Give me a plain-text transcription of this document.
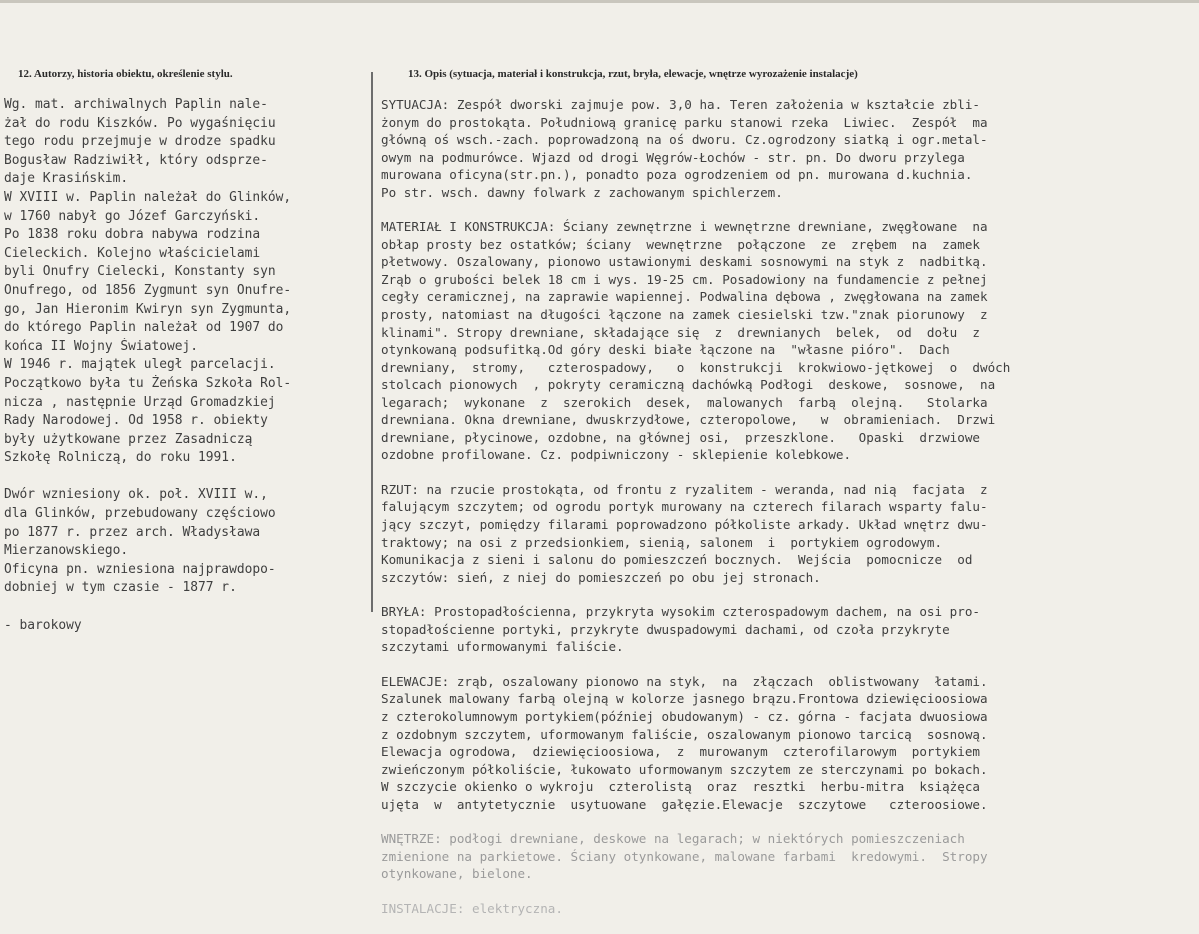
12. Autorzy, historia obiektu, określenie stylu.	13. Opis (sytuacja, materiał i konstrukcja, rzut, bryła, elewacje, wnętrze wyrozażenie instalacje)
Wg. mat. archiwalnych Paplin nale-
żał do rodu Kiszków. Po wygaśnięciu
tego rodu przejmuje w drodze spadku
Bogusław Radziwiłł, który odsprze-
daje Krasińskim.
W XVIII w. Paplin należał do Glinków,
w 1760 nabył go Józef Garczyński.
Po 1838 roku dobra nabywa rodzina
Cieleckich. Kolejno właścicielami
byli Onufry Cielecki, Konstanty syn
Onufrego, od 1856 Zygmunt syn Onufre-
go, Jan Hieronim Kwiryn syn Zygmunta,
do którego Paplin należał od 1907 do
końca II Wojny Światowej.
W 1946 r. majątek uległ parcelacji.
Początkowo była tu Żeńska Szkoła Rol-
nicza , następnie Urząd Gromadzkiej
Rady Narodowej. Od 1958 r. obiekty
były użytkowane przez Zasadniczą
Szkołę Rolniczą, do roku 1991.
Dwór wzniesiony ok. poł. XVIII w.,
dla Glinków, przebudowany częściowo
po 1877 r. przez arch. Władysława
Mierzanowskiego.
Oficyna pn. wzniesiona najprawdopo-
dobniej w tym czasie - 1877 r.
- barokowy
SYTUACJA: Zespół dworski zajmuje pow. 3,0 ha. Teren założenia w kształcie zbli-
żonym do prostokąta. Południową granicę parku stanowi rzeka  Liwiec.  Zespół  ma
główną oś wsch.-zach. poprowadzoną na oś dworu. Cz.ogrodzony siatką i ogr.metal-
owym na podmurówce. Wjazd od drogi Węgrów-Łochów - str. pn. Do dworu przylega
murowana oficyna(str.pn.), ponadto poza ogrodzeniem od pn. murowana d.kuchnia.
Po str. wsch. dawny folwark z zachowanym spichlerzem.
MATERIAŁ I KONSTRUKCJA: Ściany zewnętrzne i wewnętrzne drewniane, zwęgłowane  na
obłap prosty bez ostatków; ściany  wewnętrzne  połączone  ze  zrębem  na  zamek
płetwowy. Oszalowany, pionowo ustawionymi deskami sosnowymi na styk z  nadbitką.
Zrąb o grubości belek 18 cm i wys. 19-25 cm. Posadowiony na fundamencie z pełnej
cegły ceramicznej, na zaprawie wapiennej. Podwalina dębowa , zwęgłowana na zamek
prosty, natomiast na długości łączone na zamek ciesielski tzw."znak piorunowy  z
klinami". Stropy drewniane, składające się  z  drewnianych  belek,  od  dołu  z
otynkowaną podsufitką.Od góry deski białe łączone na  "własne pióro".  Dach
drewniany,  stromy,   czterospadowy,   o  konstrukcji  krokwiowo-jętkowej  o  dwóch
stolcach pionowych  , pokryty ceramiczną dachówką Podłogi  deskowe,  sosnowe,  na
legarach;  wykonane  z  szerokich  desek,  malowanych  farbą  olejną.   Stolarka
drewniana. Okna drewniane, dwuskrzydłowe, czteropolowe,   w  obramieniach.  Drzwi
drewniane, płycinowe, ozdobne, na głównej osi,  przeszklone.   Opaski  drzwiowe
ozdobne profilowane. Cz. podpiwniczony - sklepienie kolebkowe.
RZUT: na rzucie prostokąta, od frontu z ryzalitem - weranda, nad nią  facjata  z
falującym szczytem; od ogrodu portyk murowany na czterech filarach wsparty falu-
jący szczyt, pomiędzy filarami poprowadzono półkoliste arkady. Układ wnętrz dwu-
traktowy; na osi z przedsionkiem, sienią, salonem  i  portykiem ogrodowym.
Komunikacja z sieni i salonu do pomieszczeń bocznych.  Wejścia  pomocnicze  od
szczytów: sień, z niej do pomieszczeń po obu jej stronach.
BRYŁA: Prostopadłościenna, przykryta wysokim czterospadowym dachem, na osi pro-
stopadłościenne portyki, przykryte dwuspadowymi dachami, od czoła przykryte
szczytami uformowanymi faliście.
ELEWACJE: zrąb, oszalowany pionowo na styk,  na  złączach  oblistwowany  łatami.
Szalunek malowany farbą olejną w kolorze jasnego brązu.Frontowa dziewięcioosiowa
z czterokolumnowym portykiem(później obudowanym) - cz. górna - facjata dwuosiowa
z ozdobnym szczytem, uformowanym faliście, oszalowanym pionowo tarcicą  sosnową.
Elewacja ogrodowa,  dziewięcioosiowa,  z  murowanym  czterofilarowym  portykiem
zwieńczonym półkoliście, łukowato uformowanym szczytem ze sterczynami po bokach.
W szczycie okienko o wykroju  czterolistą  oraz  resztki  herbu-mitra  książęca
ujęta  w  antytetycznie  usytuowane  gałęzie.Elewacje  szczytowe   czteroosiowe.
WNĘTRZE: podłogi drewniane, deskowe na legarach; w niektórych pomieszczeniach
zmienione na parkietowe. Ściany otynkowane, malowane farbami  kredowymi.  Stropy
otynkowane, bielone.
INSTALACJE: elektryczna.
